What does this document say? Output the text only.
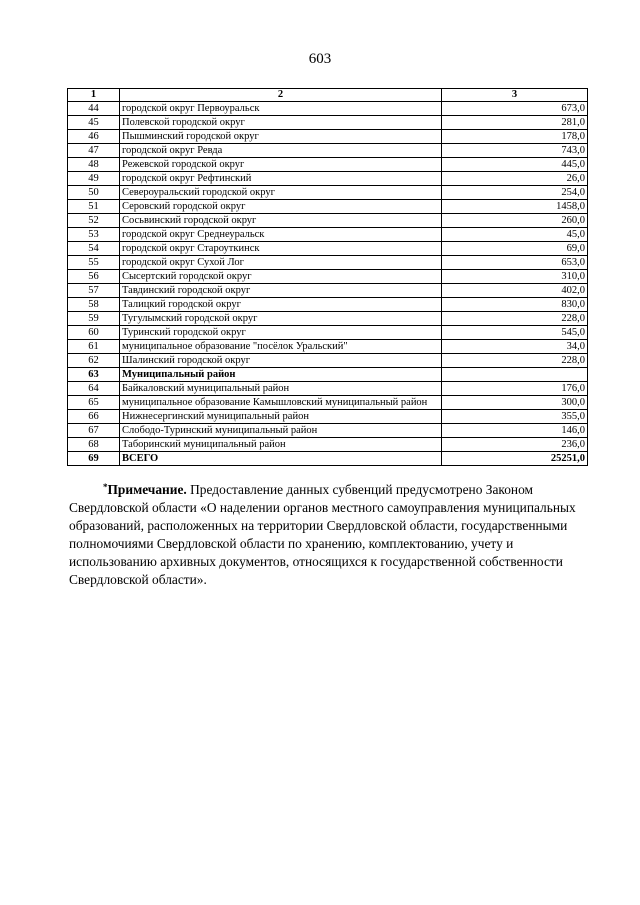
603
1	2	3
44	городской округ Первоуральск	673,0
45	Полевской городской округ	281,0
46	Пышминский городской округ	178,0
47	городской округ Ревда	743,0
48	Режевской городской округ	445,0
49	городской округ Рефтинский	26,0
50	Североуральский городской округ	254,0
51	Серовский городской округ	1458,0
52	Сосьвинский городской округ	260,0
53	городской округ Среднеуральск	45,0
54	городской округ Староуткинск	69,0
55	городской округ Сухой Лог	653,0
56	Сысертский городской округ	310,0
57	Тавдинский городской округ	402,0
58	Талицкий городской округ	830,0
59	Тугулымский городской округ	228,0
60	Туринский городской округ	545,0
61	муниципальное образование "посёлок Уральский"	34,0
62	Шалинский городской округ	228,0
63	Муниципальный район	
64	Байкаловский муниципальный район	176,0
65	муниципальное образование Камышловский муниципальный район	300,0
66	Нижнесергинский муниципальный район	355,0
67	Слободо-Туринский муниципальный район	146,0
68	Таборинский муниципальный район	236,0
69	ВСЕГО	25251,0

*Примечание. Предоставление данных субвенций предусмотрено Законом

Свердловской области «О наделении органов местного самоуправления муниципальных

образований, расположенных на территории Свердловской области, государственными

полномочиями Свердловской области по хранению, комплектованию, учету и

использованию архивных документов, относящихся к государственной собственности

Свердловской области».
